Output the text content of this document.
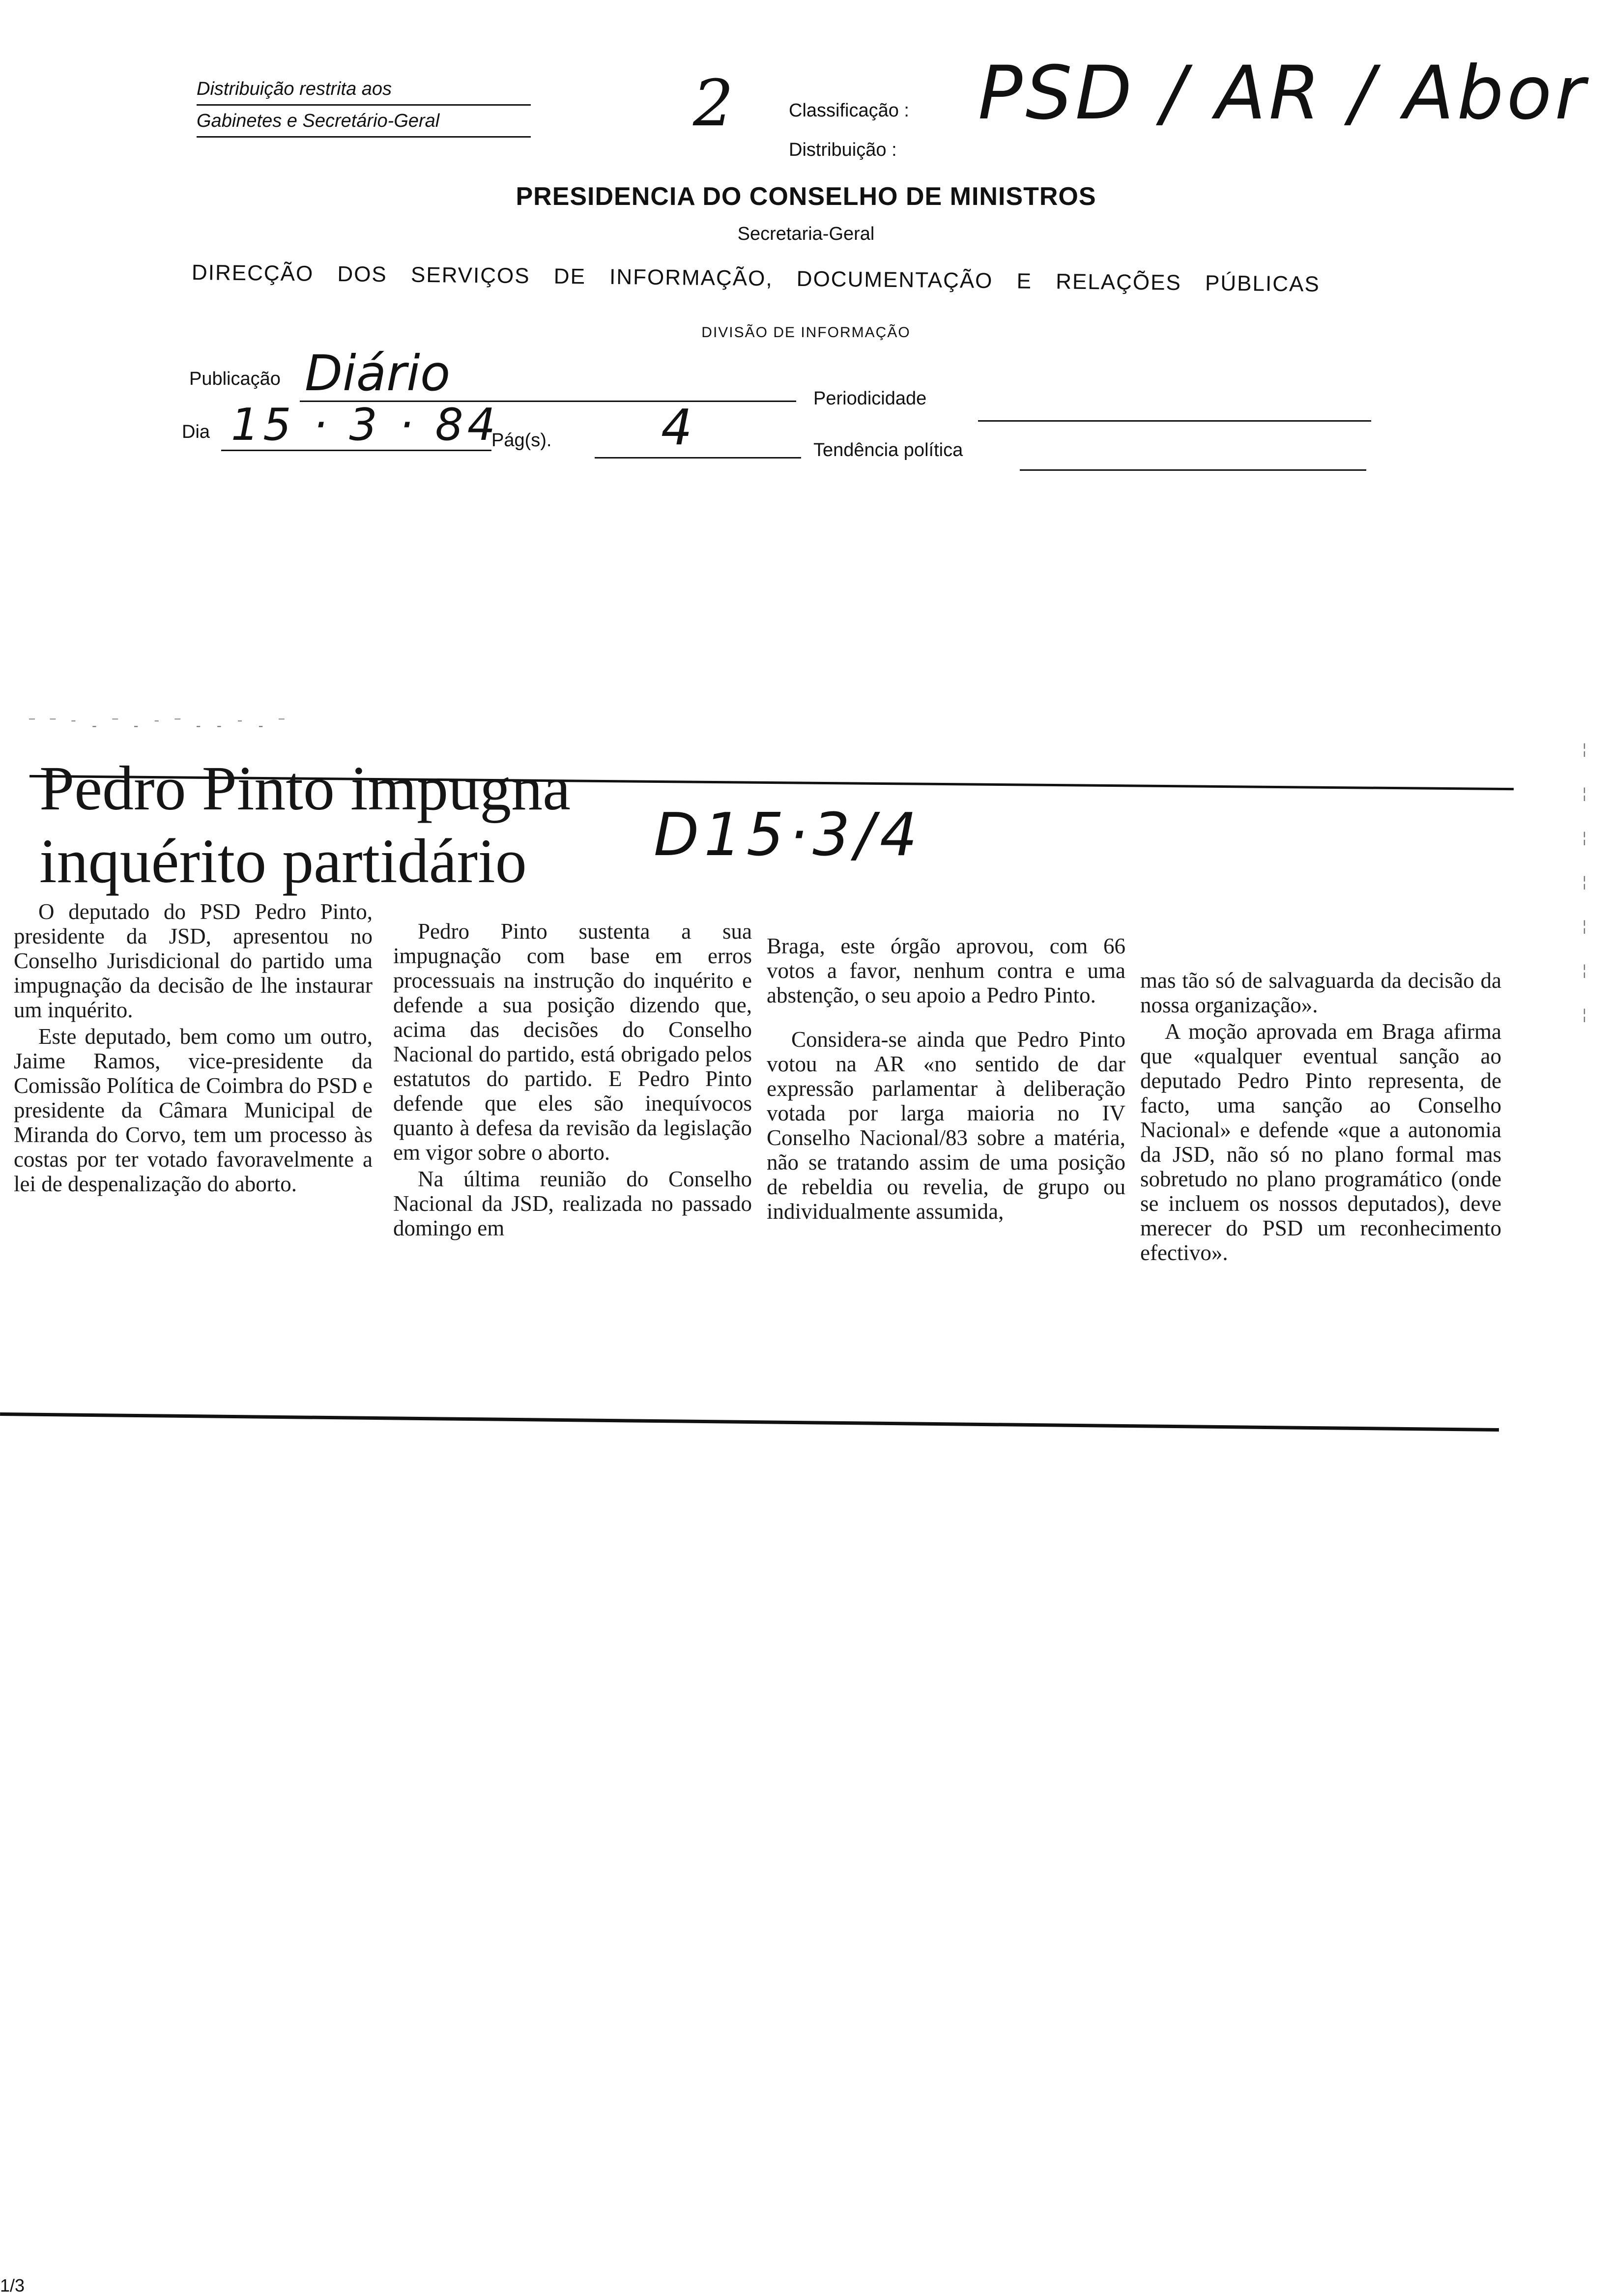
Distribuição restrita aos
Gabinetes e Secretário-Geral	2	Classificação :
Distribuição :
PSD / AR / Abor
PRESIDENCIA DO CONSELHO DE MINISTROS
Secretaria-Geral
DIRECÇÃO DOS SERVIÇOS DE INFORMAÇÃO, DOCUMENTAÇÃO E RELAÇÕES PÚBLICAS
DIVISÃO DE INFORMAÇÃO
Publicação Diário	Periodicidade
Dia 15 · 3 · 84
Pág(s). 4	Tendência política
‾ ‾ ˉ ‐ ‾ ‐ ˉ ‾ ‐ ‐ ˉ ‐ ‾
Pedro Pinto impugna
inquérito partidário	D15·3/4

O deputado do PSD Pedro Pinto, presidente da JSD, apresentou no Conselho Jurisdicional do partido uma impugnação da decisão de lhe instaurar um inquérito.

Este deputado, bem como um outro, Jaime Ramos, vice-presidente da Comissão Política de Coimbra do PSD e presidente da Câmara Municipal de Miranda do Corvo, tem um processo às costas por ter votado favoravelmente a lei de despenalização do aborto.

Pedro Pinto sustenta a sua impugnação com base em erros processuais na instrução do inquérito e defende a sua posição dizendo que, acima das decisões do Conselho Nacional do partido, está obrigado pelos estatutos do partido. E Pedro Pinto defende que eles são inequívocos quanto à defesa da revisão da legislação em vigor sobre o aborto.

Na última reunião do Conselho Nacional da JSD, realizada no passado domingo em

Braga, este órgão aprovou, com 66 votos a favor, nenhum contra e uma abstenção, o seu apoio a Pedro Pinto.

Considera-se ainda que Pedro Pinto votou na AR «no sentido de dar expressão parlamentar à deliberação votada por larga maioria no IV Conselho Nacional/83 sobre a matéria, não se tratando assim de uma posição de rebeldia ou revelia, de grupo ou individualmente assumida,

mas tão só de salvaguarda da decisão da nossa organização».

A moção aprovada em Braga afirma que «qualquer eventual sanção ao deputado Pedro Pinto representa, de facto, uma sanção ao Conselho Nacional» e defende «que a autonomia da JSD, não só no plano formal mas sobretudo no plano programático (onde se incluem os nossos deputados), deve merecer do PSD um reconhecimento efectivo».

¦
¦
¦
¦
¦
¦
¦
1/3
